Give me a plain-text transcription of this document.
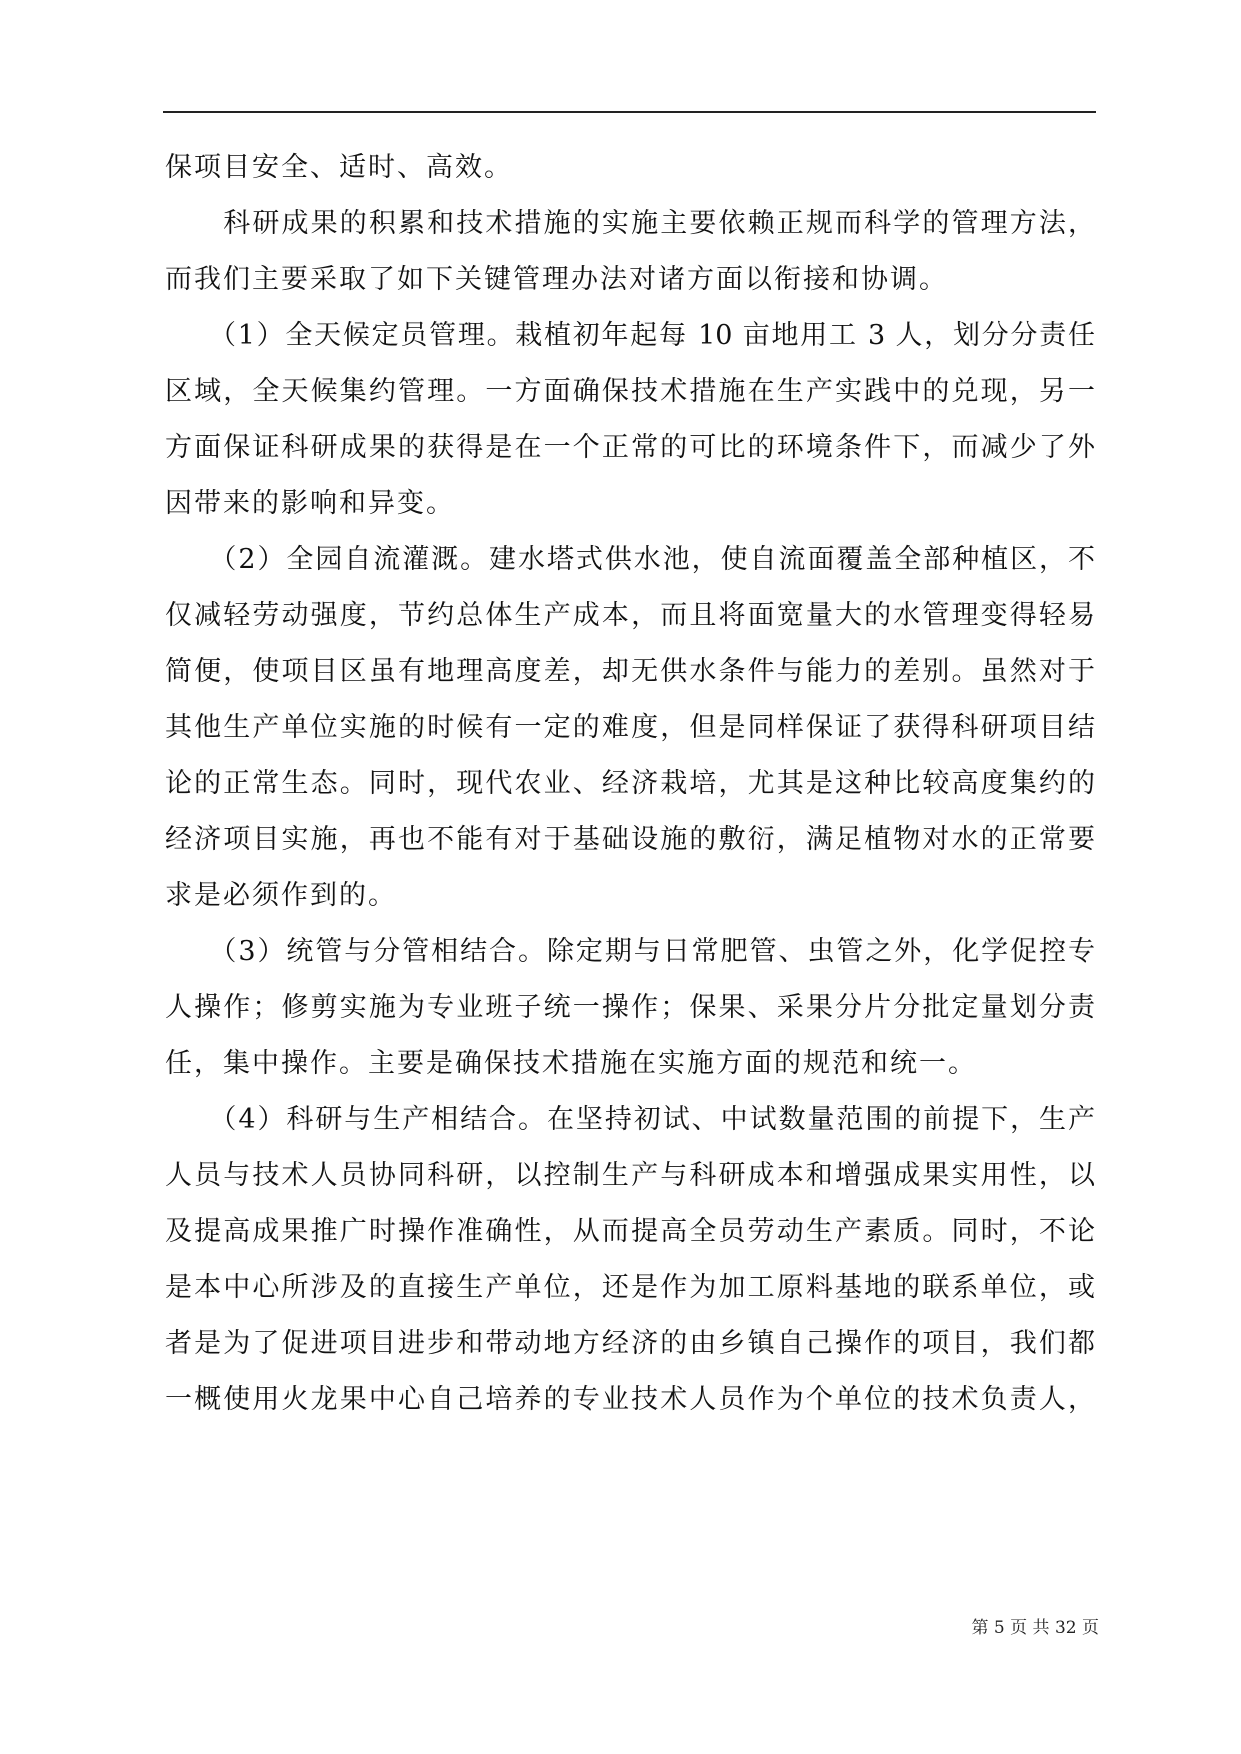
保项目安全、适时、高效。
　　科研成果的积累和技术措施的实施主要依赖正规而科学的管理方法，
而我们主要采取了如下关键管理办法对诸方面以衔接和协调。
　　（1）全天候定员管理。栽植初年起每 10 亩地用工 3 人，划分分责任
区域，全天候集约管理。一方面确保技术措施在生产实践中的兑现，另一
方面保证科研成果的获得是在一个正常的可比的环境条件下，而减少了外
因带来的影响和异变。
　　（2）全园自流灌溉。建水塔式供水池，使自流面覆盖全部种植区，不
仅减轻劳动强度，节约总体生产成本，而且将面宽量大的水管理变得轻易
简便，使项目区虽有地理高度差，却无供水条件与能力的差别。虽然对于
其他生产单位实施的时候有一定的难度，但是同样保证了获得科研项目结
论的正常生态。同时，现代农业、经济栽培，尤其是这种比较高度集约的
经济项目实施，再也不能有对于基础设施的敷衍，满足植物对水的正常要
求是必须作到的。
　　（3）统管与分管相结合。除定期与日常肥管、虫管之外，化学促控专
人操作；修剪实施为专业班子统一操作；保果、采果分片分批定量划分责
任，集中操作。主要是确保技术措施在实施方面的规范和统一。
　　（4）科研与生产相结合。在坚持初试、中试数量范围的前提下，生产
人员与技术人员协同科研，以控制生产与科研成本和增强成果实用性，以
及提高成果推广时操作准确性，从而提高全员劳动生产素质。同时，不论
是本中心所涉及的直接生产单位，还是作为加工原料基地的联系单位，或
者是为了促进项目进步和带动地方经济的由乡镇自己操作的项目，我们都
一概使用火龙果中心自己培养的专业技术人员作为个单位的技术负责人，
第 5 页 共 32 页
